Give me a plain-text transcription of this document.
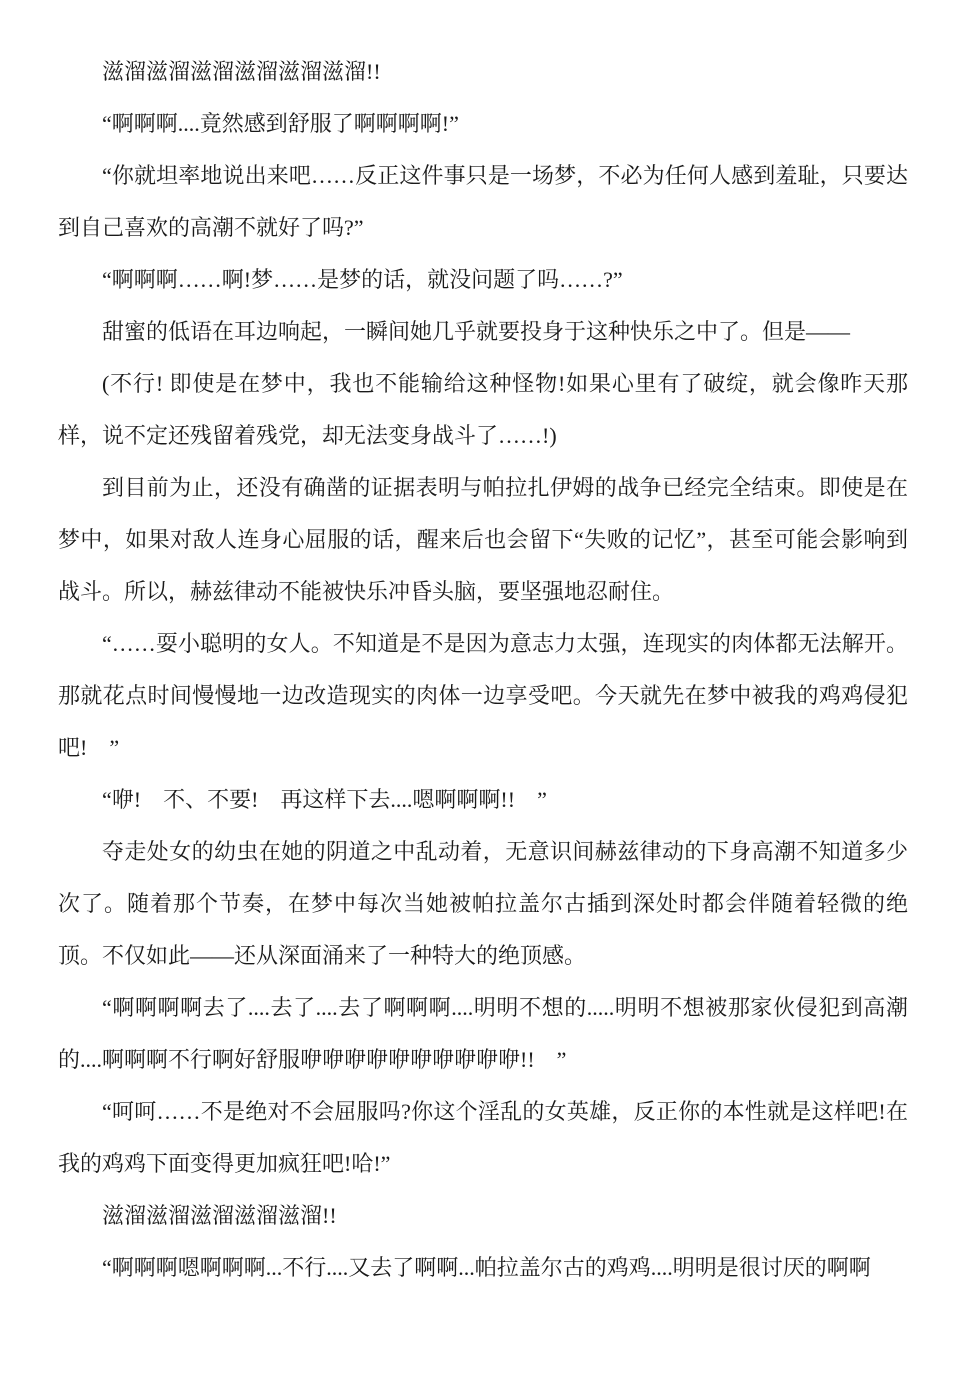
滋溜滋溜滋溜滋溜滋溜滋溜!!

“啊啊啊....竟然感到舒服了啊啊啊啊!”

“你就坦率地说出来吧……反正这件事只是一场梦，不必为任何人感到羞耻，只要达到自己喜欢的高潮不就好了吗?”

“啊啊啊……啊!梦……是梦的话，就没问题了吗……?”

甜蜜的低语在耳边响起，一瞬间她几乎就要投身于这种快乐之中了。但是——

(不行! 即使是在梦中，我也不能输给这种怪物!如果心里有了破绽，就会像昨天那样，说不定还残留着残党，却无法变身战斗了……!)

到目前为止，还没有确凿的证据表明与帕拉扎伊姆的战争已经完全结束。即使是在梦中，如果对敌人连身心屈服的话，醒来后也会留下“失败的记忆”，甚至可能会影响到战斗。所以，赫兹律动不能被快乐冲昏头脑，要坚强地忍耐住。

“……耍小聪明的女人。不知道是不是因为意志力太强，连现实的肉体都无法解开。那就花点时间慢慢地一边改造现实的肉体一边享受吧。今天就先在梦中被我的鸡鸡侵犯吧!　”

“咿!　不、不要!　再这样下去....嗯啊啊啊!!　”

夺走处女的幼虫在她的阴道之中乱动着，无意识间赫兹律动的下身高潮不知道多少次了。随着那个节奏，在梦中每次当她被帕拉盖尔古插到深处时都会伴随着轻微的绝顶。不仅如此——还从深面涌来了一种特大的绝顶感。

“啊啊啊啊去了....去了....去了啊啊啊....明明不想的.....明明不想被那家伙侵犯到高潮的....啊啊啊不行啊好舒服咿咿咿咿咿咿咿咿咿咿!!　”

“呵呵……不是绝对不会屈服吗?你这个淫乱的女英雄，反正你的本性就是这样吧!在我的鸡鸡下面变得更加疯狂吧!哈!”

滋溜滋溜滋溜滋溜滋溜!!

“啊啊啊嗯啊啊啊...不行....又去了啊啊...帕拉盖尔古的鸡鸡....明明是很讨厌的啊啊
